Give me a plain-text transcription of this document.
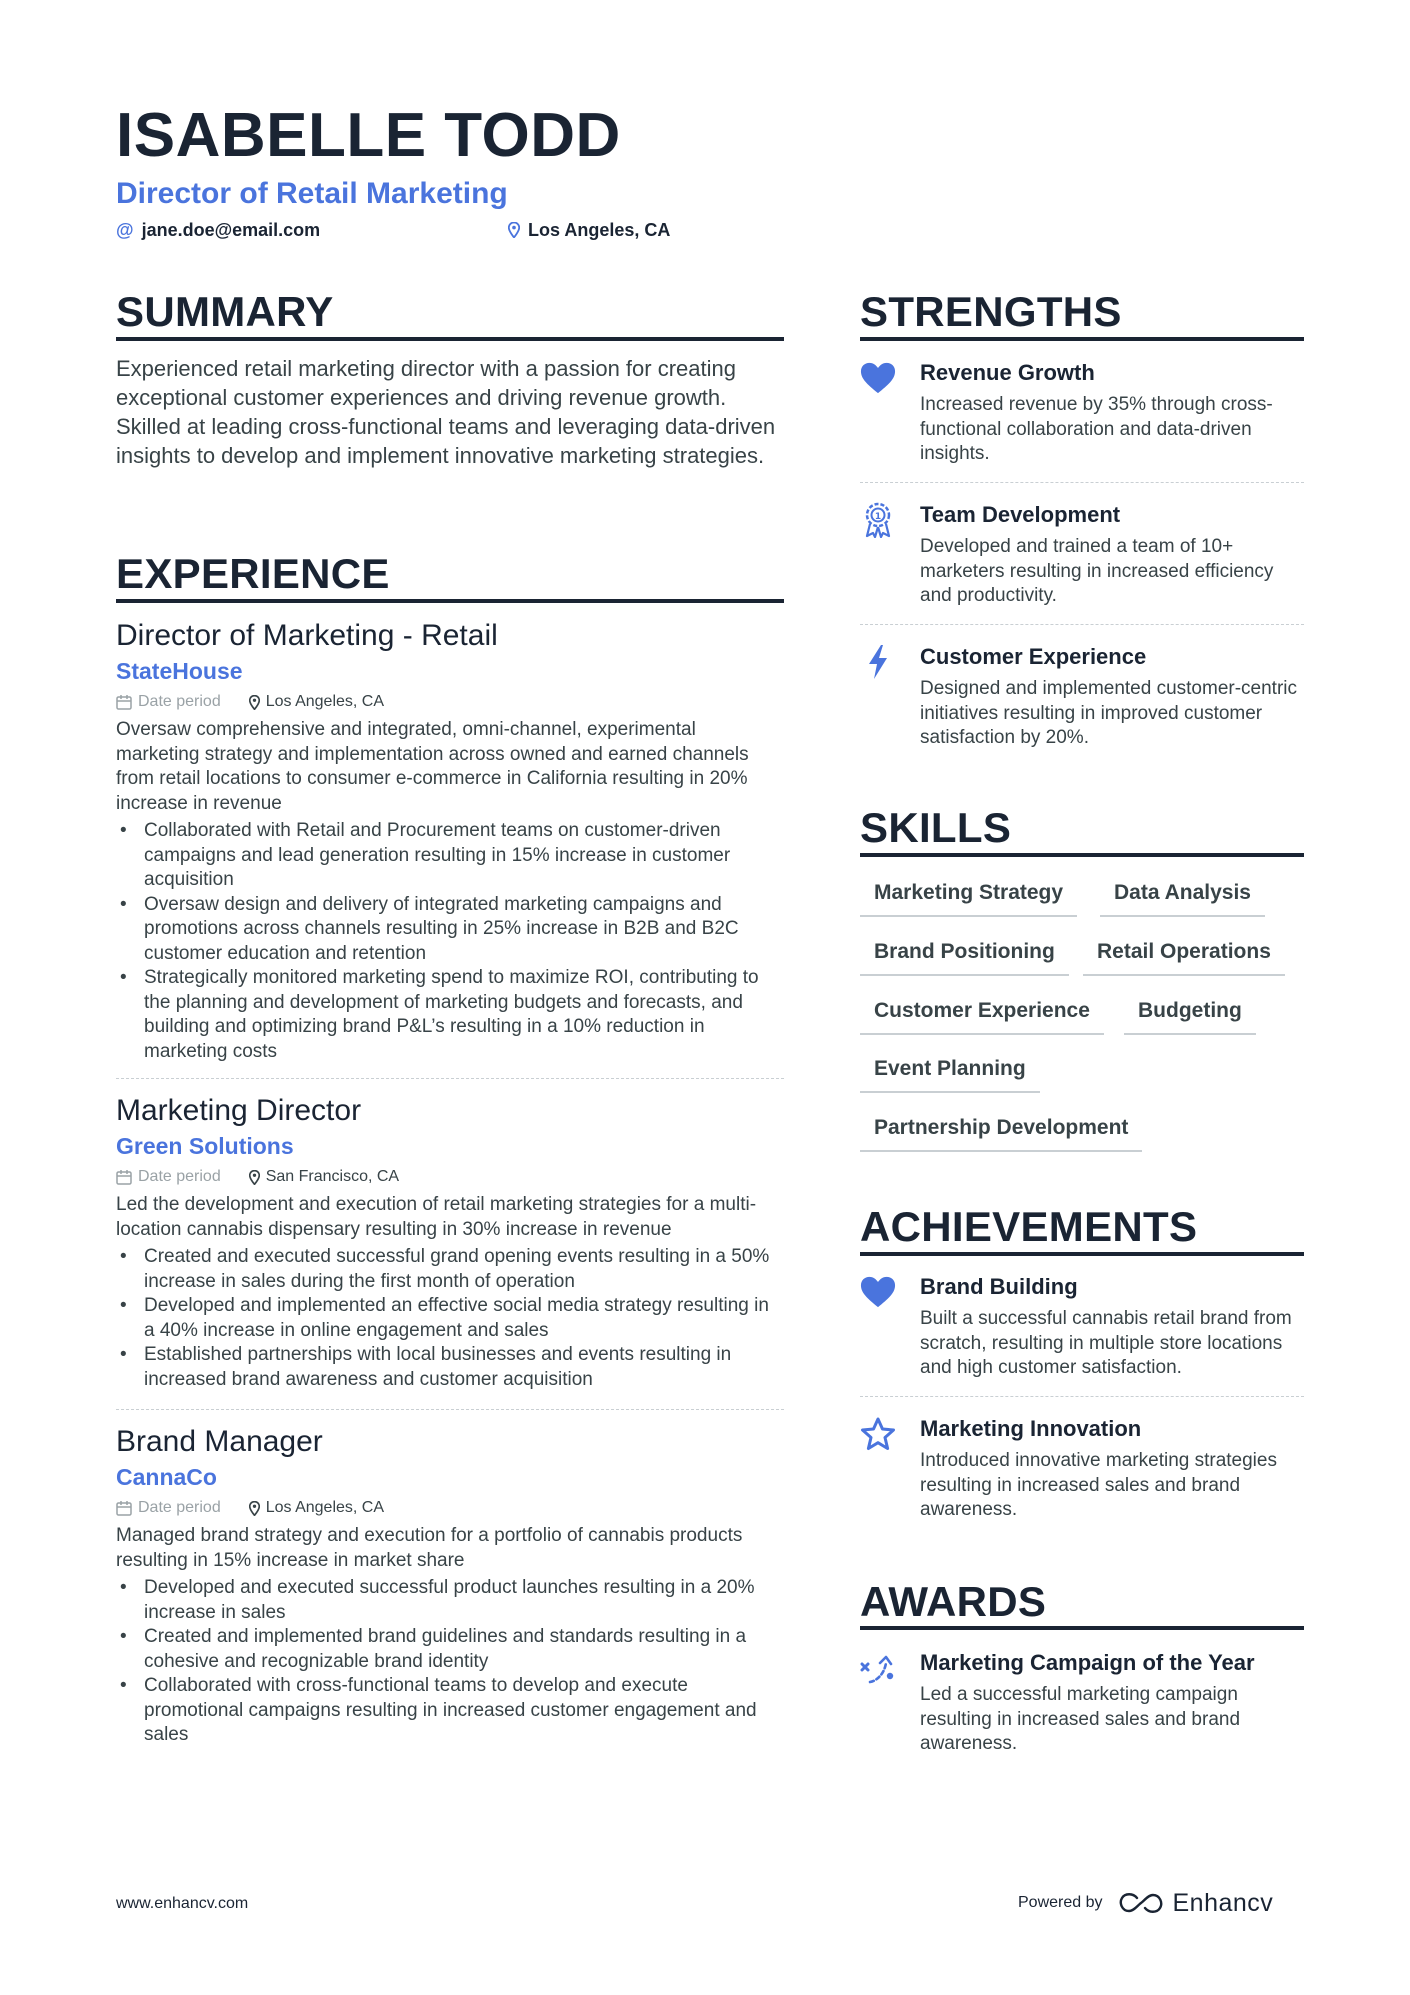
ISABELLE TODD
Director of Retail Marketing
@ jane.doe@email.com	Los Angeles, CA
SUMMARY
Experienced retail marketing director with a passion for creating exceptional customer experiences and driving revenue growth. Skilled at leading cross-functional teams and leveraging data-driven insights to develop and implement innovative marketing strategies.
EXPERIENCE
Director of Marketing - Retail
StateHouse
Date period	Los Angeles, CA
Oversaw comprehensive and integrated, omni-channel, experimental marketing strategy and implementation across owned and earned channels from retail locations to consumer e-commerce in California resulting in 20% increase in revenue
• Collaborated with Retail and Procurement teams on customer-driven campaigns and lead generation resulting in 15% increase in customer acquisition
• Oversaw design and delivery of integrated marketing campaigns and promotions across channels resulting in 25% increase in B2B and B2C customer education and retention
• Strategically monitored marketing spend to maximize ROI, contributing to the planning and development of marketing budgets and forecasts, and building and optimizing brand P&L’s resulting in a 10% reduction in marketing costs
Marketing Director
Green Solutions
Date period	San Francisco, CA
Led the development and execution of retail marketing strategies for a multi-location cannabis dispensary resulting in 30% increase in revenue
• Created and executed successful grand opening events resulting in a 50% increase in sales during the first month of operation
• Developed and implemented an effective social media strategy resulting in a 40% increase in online engagement and sales
• Established partnerships with local businesses and events resulting in increased brand awareness and customer acquisition
Brand Manager
CannaCo
Date period	Los Angeles, CA
Managed brand strategy and execution for a portfolio of cannabis products resulting in 15% increase in market share
• Developed and executed successful product launches resulting in a 20% increase in sales
• Created and implemented brand guidelines and standards resulting in a cohesive and recognizable brand identity
• Collaborated with cross-functional teams to develop and execute promotional campaigns resulting in increased customer engagement and sales
STRENGTHS
Revenue Growth
Increased revenue by 35% through cross-functional collaboration and data-driven insights.
1 Team Development
Developed and trained a team of 10+ marketers resulting in increased efficiency and productivity.
Customer Experience
Designed and implemented customer-centric initiatives resulting in improved customer satisfaction by 20%.
SKILLS
Marketing Strategy	Data Analysis
Brand Positioning	Retail Operations
Customer Experience	Budgeting
Event Planning
Partnership Development
ACHIEVEMENTS
Brand Building
Built a successful cannabis retail brand from scratch, resulting in multiple store locations and high customer satisfaction.
Marketing Innovation
Introduced innovative marketing strategies resulting in increased sales and brand awareness.
AWARDS
Marketing Campaign of the Year
Led a successful marketing campaign resulting in increased sales and brand awareness.
www.enhancv.com	Powered by	Enhancv
